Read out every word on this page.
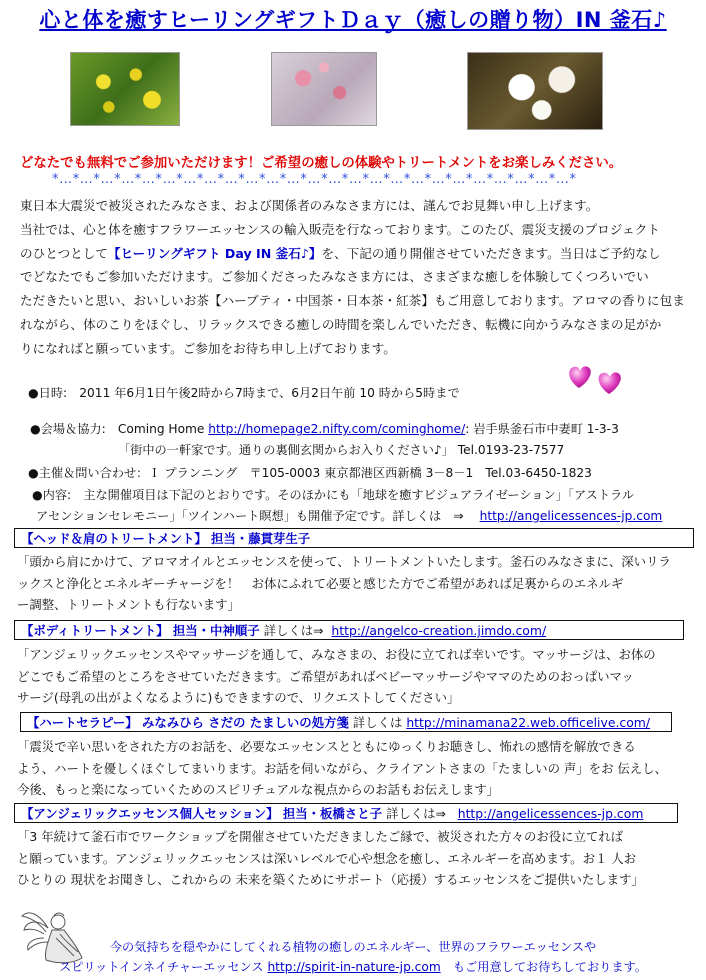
心と体を癒すヒーリングギフトＤａｙ（癒しの贈り物）IN 釜石♪
どなたでも無料でご参加いただけます！ご希望の癒しの体験やトリートメントをお楽しみください。
*…*…*…*…*…*…*…*…*…*…*…*…*…*…*…*…*…*…*…*…*…*…*…*…*…*

東日本大震災で被災されたみなさま、および関係者のみなさま方には、謹んでお見舞い申し上げます。

当社では、心と体を癒すフラワーエッセンスの輸入販売を行なっております。このたび、震災支援のプロジェクト

のひとつとして【ヒーリングギフト Day IN 釜石♪】を、下記の通り開催させていただきます。当日はご予約なし

でどなたでもご参加いただけます。ご参加くださったみなさま方には、さまざまな癒しを体験してくつろいでい

ただきたいと思い、おいしいお茶【ハーブティ・中国茶・日本茶・紅茶】もご用意しております。アロマの香りに包ま

れながら、体のこりをほぐし、リラックスできる癒しの時間を楽しんでいただき、転機に向かうみなさまの足がか

りになればと願っています。ご参加をお待ち申し上げております。

●日時:　2011 年6月1日午後2時から7時まで、6月2日午前 10 時から5時まで
●会場＆協力:　Coming Home http://homepage2.nifty.com/cominghome/: 岩手県釜石市中妻町 1-3-3
「街中の一軒家です。通りの裏側玄関からお入りください♪」 Tel.0193-23-7577
●主催＆問い合わせ：Ｉ プランニング　〒105-0003 東京都港区西新橋 3－8－1　Tel.03-6450-1823
●内容:　主な開催項目は下記のとおりです。そのほかにも「地球を癒すビジュアライゼーション」「アストラル
アセンションセレモニー」「ツインハート瞑想」も開催予定です。詳しくは　⇒　 http://angelicessences-jp.com
【ヘッド＆肩のトリートメント】 担当・藤貫芽生子
「頭から肩にかけて、アロマオイルとエッセンスを使って、トリートメントいたします。釜石のみなさまに、深いリラ
ックスと浄化とエネルギーチャージを！　お体にふれて必要と感じた方でご希望があれば足裏からのエネルギ
ー調整、トリートメントも行ないます」
【ボディトリートメント】 担当・中神順子 詳しくは⇒ http://angelco-creation.jimdo.com/
「アンジェリックエッセンスやマッサージを通して、みなさまの、お役に立てれば幸いです。マッサージは、お体の
どこでもご希望のところをさせていただきます。ご希望があればベビーマッサージやママのためのおっぱいマッ
サージ(母乳の出がよくなるように)もできますので、リクエストしてください」
【ハートセラピー】 みなみひら さだの たましいの処方箋 詳しくは http://minamana22.web.officelive.com/
「震災で辛い思いをされた方のお話を、必要なエッセンスとともにゆっくりお聴きし、怖れの感情を解放できる
よう、ハートを優しくほぐしてまいります。お話を伺いながら、クライアントさまの「たましいの 声」をお 伝えし、
今後、もっと楽になっていくためのスピリチュアルな視点からのお話もお伝えします」
【アンジェリックエッセンス個人セッション】 担当・板橋さと子 詳しくは⇒ http://angelicessences-jp.com
「3 年続けて釜石市でワークショップを開催させていただきましたご縁で、被災された方々のお役に立てれば
と願っています。アンジェリックエッセンスは深いレベルで心や想念を癒し、エネルギーを高めます。お１ 人お
ひとりの 現状をお聞きし、これからの 未来を築くためにサポート（応援）するエッセンスをご提供いたします」
今の気持ちを穏やかにしてくれる植物の癒しのエネルギー、世界のフラワーエッセンスや
スピリットインネイチャーエッセンス http://spirit-in-nature-jp.com　もご用意してお待ちしております。
